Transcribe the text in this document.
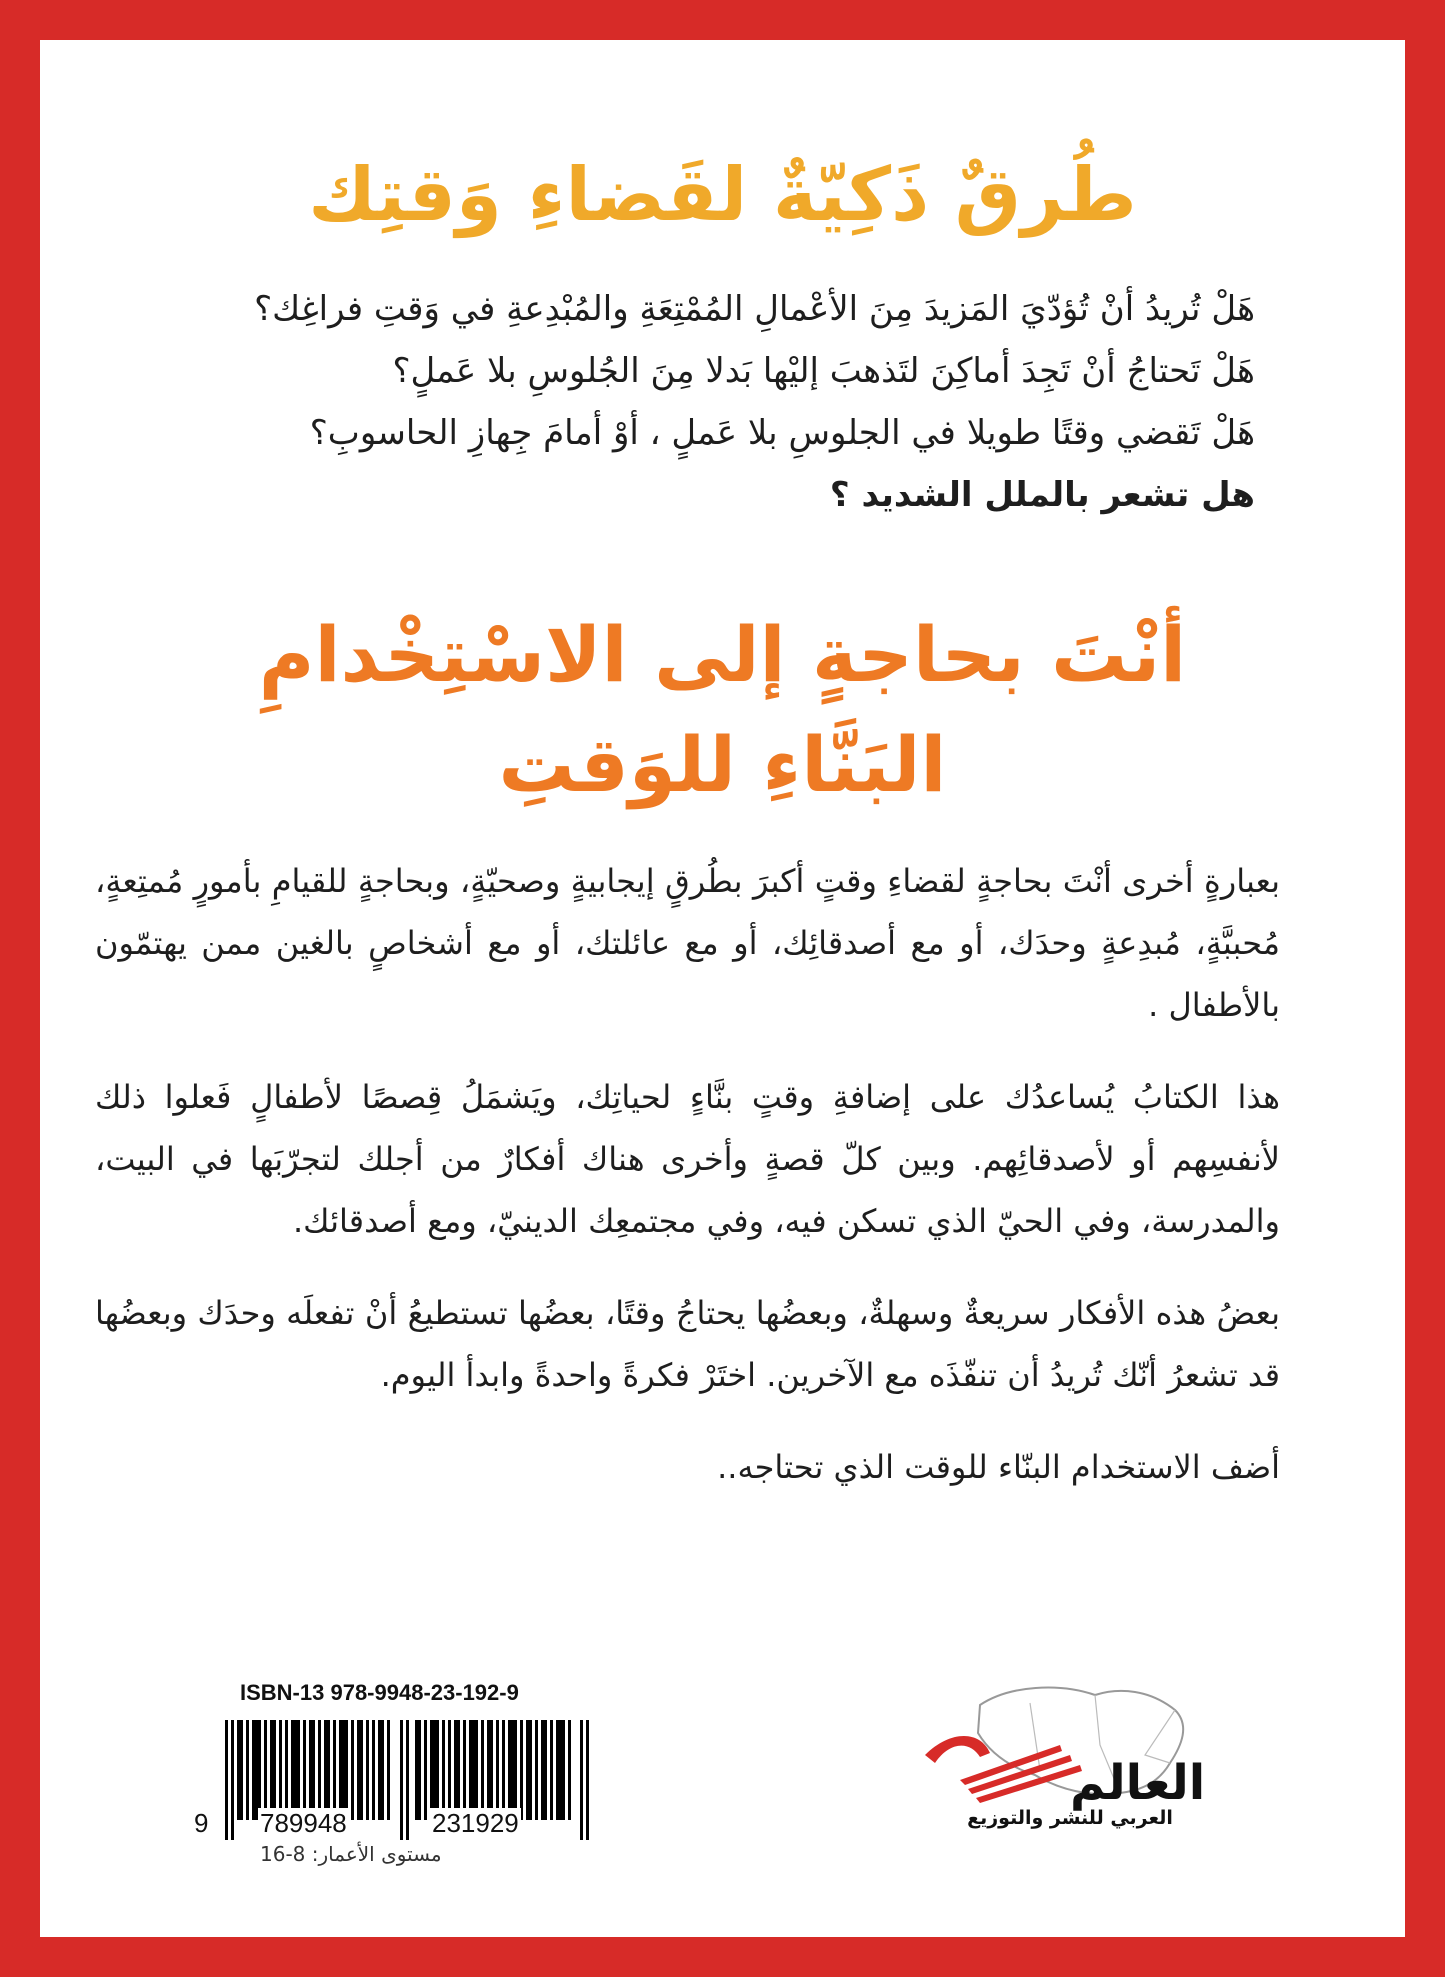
طُرقٌ ذَكِيّةٌ لقَضاءِ وَقتِك
هَلْ تُريدُ أنْ تُؤدّيَ المَزيدَ مِنَ الأعْمالِ المُمْتِعَةِ والمُبْدِعةِ في وَقتِ فراغِك؟
هَلْ تَحتاجُ أنْ تَجِدَ أماكِنَ لتَذهبَ إليْها بَدلا مِنَ الجُلوسِ بلا عَملٍ؟
هَلْ تَقضي وقتًا طويلا في الجلوسِ بلا عَملٍ ، أوْ أمامَ جِهازِ الحاسوبِ؟
هل تشعر بالملل الشديد ؟
أنْتَ بحاجةٍ إلى الاسْتِخْدامِ
البَنَّاءِ للوَقتِ

بعبارةٍ أخرى أنْتَ بحاجةٍ لقضاءِ وقتٍ أكبرَ بطُرقٍ إيجابيةٍ وصحيّةٍ، وبحاجةٍ للقيامِ بأمورٍ مُمتِعةٍ، مُحببَّةٍ، مُبدِعةٍ وحدَك، أو مع أصدقائِك، أو مع عائلتك، أو مع أشخاصٍ بالغين ممن يهتمّون بالأطفال .

هذا الكتابُ يُساعدُك على إضافةِ وقتٍ بنَّاءٍ لحياتِك، ويَشمَلُ قِصصًا لأطفالٍ فَعلوا ذلك لأنفسِهم أو لأصدقائِهم. وبين كلّ قصةٍ وأخرى هناك أفكارٌ من أجلك لتجرّبَها في البيت، والمدرسة، وفي الحيّ الذي تسكن فيه، وفي مجتمعِك الدينيّ، ومع أصدقائك.

بعضُ هذه الأفكار سريعةٌ وسهلةٌ، وبعضُها يحتاجُ وقتًا، بعضُها تستطيعُ أنْ تفعلَه وحدَك وبعضُها قد تشعرُ أنّك تُريدُ أن تنفّذَه مع الآخرين. اختَرْ فكرةً واحدةً وابدأ اليوم.

أضف الاستخدام البنّاء للوقت الذي تحتاجه..

ISBN-13 978-9948-23-192-9
9 789948	231929
مستوى الأعمار: 8-16
العالم
العربي للنشر والتوزيع
